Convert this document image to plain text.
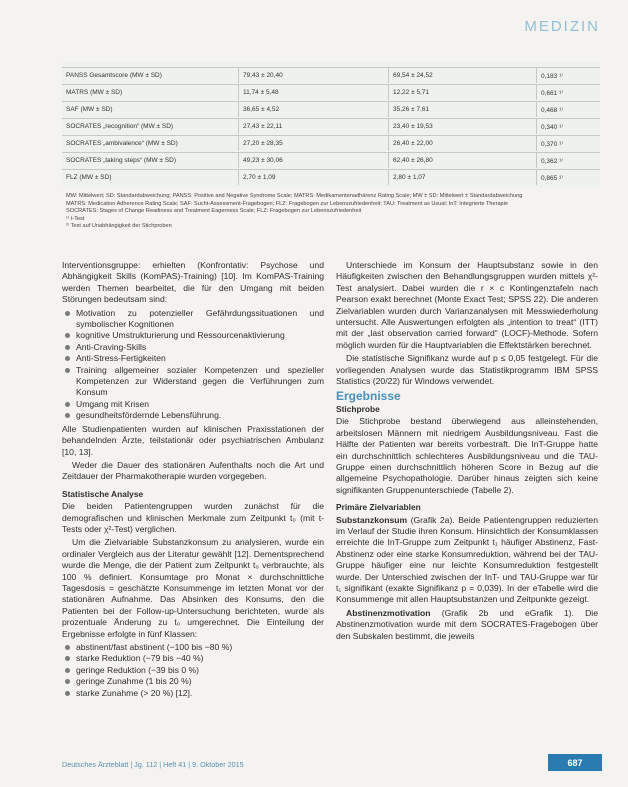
MEDIZIN
PANSS Gesamtscore (MW ± SD)	79,43 ± 20,40	69,54 ± 24,52	0,183 ¹⁾
MATRS (MW ± SD)	11,74 ± 5,48	12,22 ± 5,71	0,661 ¹⁾
SAF (MW ± SD)	36,65 ± 4,52	35,26 ± 7,61	0,468 ¹⁾
SOCRATES „recognition“ (MW ± SD)	27,43 ± 22,11	23,40 ± 19,53	0,340 ¹⁾
SOCRATES „ambivalence“ (MW ± SD)	27,20 ± 28,35	26,40 ± 22,00	0,370 ¹⁾
SOCRATES „taking steps“ (MW ± SD)	49,23 ± 30,06	62,40 ± 26,80	0,362 ¹⁾
FLZ (MW ± SD)	2,70 ± 1,09	2,80 ± 1,07	0,865 ¹⁾
MW: Mittelwert; SD: Standardabweichung; PANSS: Positive and Negative Syndrome Scale; MATRS: Medikamentenadhärenz Rating Scale; MW ± SD: Mittelwert ± Standardabweichung
MATRS: Medication Adherence Rating Scale; SAF: Sucht-Assessment-Fragebogen; FLZ: Fragebogen zur Lebenszufriedenheit; TAU: Treatment as Usual; InT: Integrierte Therapie
SOCRATES: Stages of Change Readiness and Treatment Eagerness Scale; FLZ: Fragebogen zur Lebenszufriedenheit
¹⁾ t-Test
²⁾ Test auf Unabhängigkeit der Stichproben

Interventionsgruppe: erhielten (Konfrontativ: Psychose und Abhängigkeit Skills (KomPAS)-Training) [10]. Im KomPAS-Training werden Themen bearbeitet, die für den Umgang mit beiden Störungen bedeutsam sind:

Motivation zu potenzieller Gefährdungssituationen und symbolischer Kognitionen
kognitive Umstrukturierung und Ressourcenaktivierung
Anti-Craving-Skills
Anti-Stress-Fertigkeiten
Training allgemeiner sozialer Kompetenzen und spezieller Kompetenzen zur Widerstand gegen die Verführungen zum Konsum
Umgang mit Krisen
gesundheitsfördernde Lebensführung.

Alle Studienpatienten wurden auf klinischen Praxisstationen der behandelnden Ärzte, teilstationär oder psychiatrischen Ambulanz [10, 13].

Weder die Dauer des stationären Aufenthalts noch die Art und Zeitdauer der Pharmakotherapie wurden vorgegeben.

Statistische Analyse

Die beiden Patientengruppen wurden zunächst für die demografischen und klinischen Merkmale zum Zeitpunkt t₀ (mit t-Tests oder χ²-Test) verglichen.

Um die Zielvariable Substanzkonsum zu analysieren, wurde ein ordinaler Vergleich aus der Literatur gewählt [12]. Dementsprechend wurde die Menge, die der Patient zum Zeitpunkt t₀ verbrauchte, als 100 % definiert. Konsumtage pro Monat × durchschnittliche Tagesdosis = geschätzte Konsummenge im letzten Monat vor der stationären Aufnahme. Das Absinken des Konsums, den die Patienten bei der Follow-up-Untersuchung berichteten, wurde als prozentuale Änderung zu t₀ umgerechnet. Die Einteilung der Ergebnisse erfolgte in fünf Klassen:

abstinent/fast abstinent (−100 bis −80 %)
starke Reduktion (−79 bis −40 %)
geringe Reduktion (−39 bis 0 %)
geringe Zunahme (1 bis 20 %)
starke Zunahme (> 20 %) [12].

Unterschiede im Konsum der Hauptsubstanz sowie in den Häufigkeiten zwischen den Behandlungsgruppen wurden mittels χ²-Test analysiert. Dabei wurden die r × c Kontingenztafeln nach Pearson exakt berechnet (Monte Exact Test; SPSS 22). Die anderen Zielvariablen wurden durch Varianzanalysen mit Messwiederholung untersucht. Alle Auswertungen erfolgten als „intention to treat“ (ITT) mit der „last observation carried forward“ (LOCF)-Methode. Sofern möglich wurden für die Hauptvariablen die Effektstärken berechnet.

Die statistische Signifikanz wurde auf p ≤ 0,05 festgelegt. Für die vorliegenden Analysen wurde das Statistikprogramm IBM SPSS Statistics (20/22) für Windows verwendet.

Ergebnisse
Stichprobe

Die Stichprobe bestand überwiegend aus alleinstehenden, arbeitslosen Männern mit niedrigem Ausbildungsniveau. Fast die Hälfte der Patienten war bereits vorbestraft. Die InT-Gruppe hatte ein durchschnittlich schlechteres Ausbildungsniveau und die TAU-Gruppe einen durchschnittlich höheren Score in Bezug auf die allgemeine Psychopathologie. Darüber hinaus zeigten sich keine signifikanten Gruppenunterschiede (Tabelle 2).

Primäre Zielvariablen

Substanzkonsum (Grafik 2a). Beide Patientengruppen reduzierten im Verlauf der Studie ihren Konsum. Hinsichtlich der Konsumklassen erreichte die InT-Gruppe zum Zeitpunkt t₁ häufiger Abstinenz, Fast-Abstinenz oder eine starke Konsumreduktion, während bei der TAU-Gruppe häufiger eine nur leichte Konsumreduktion festgestellt wurde. Der Unterschied zwischen der InT- und TAU-Gruppe war für t₁ signifikant (exakte Signifikanz p = 0,039). In der eTabelle wird die Konsummenge mit allen Hauptsubstanzen und Zeitpunkte gezeigt.

Abstinenzmotivation (Grafik 2b und eGrafik 1). Die Abstinenzmotivation wurde mit dem SOCRATES-Fragebogen über den Subskalen bestimmt, die jeweils

Deutsches Ärzteblatt | Jg. 112 | Heft 41 | 9. Oktober 2015	687
